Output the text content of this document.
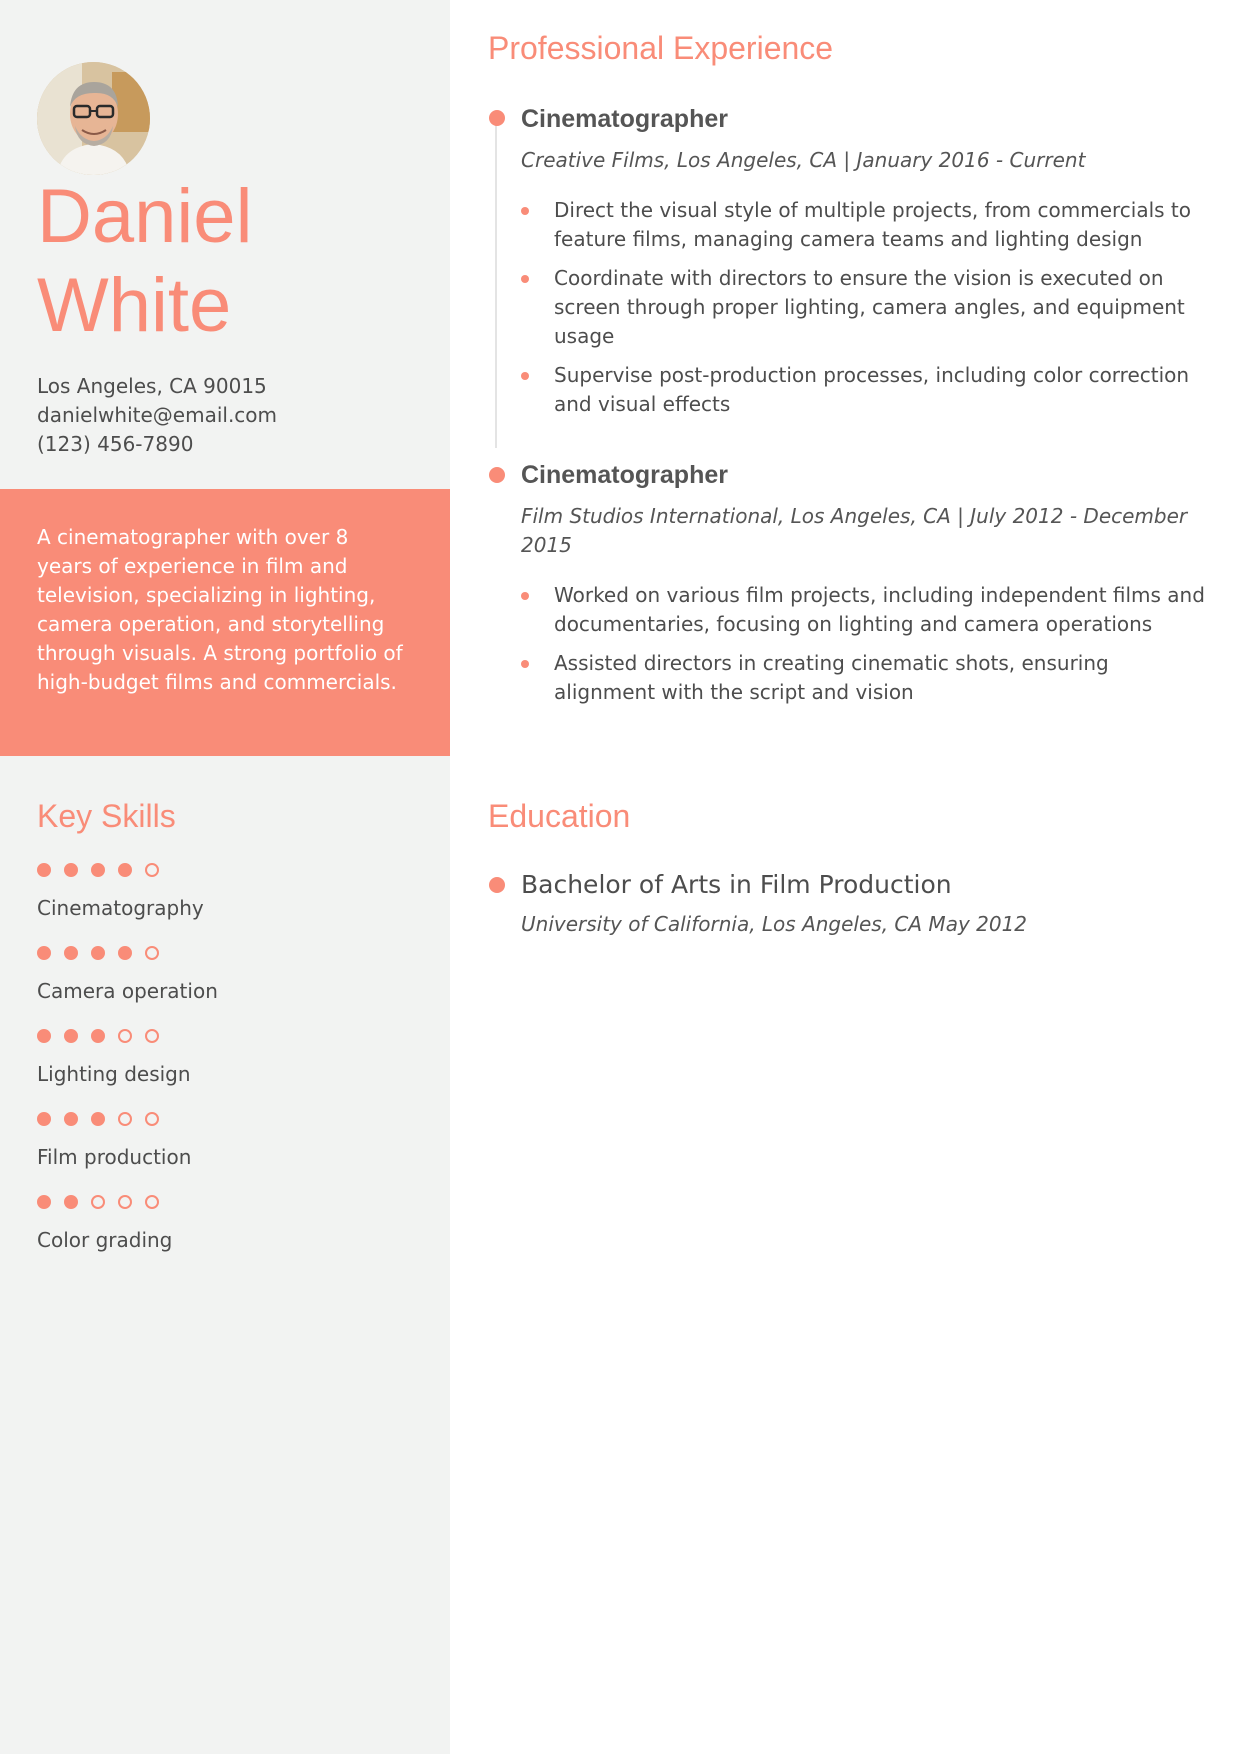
Daniel
White
Los Angeles, CA 90015
danielwhite@email.com
(123) 456-7890
A cinematographer with over 8 years of experience in film and television, specializing in lighting, camera operation, and storytelling through visuals. A strong portfolio of high-budget films and commercials.
Key Skills
Cinematography
Camera operation
Lighting design
Film production
Color grading
Professional Experience
Cinematographer
Creative Films, Los Angeles, CA | January 2016 - Current
Direct the visual style of multiple projects, from commercials to feature films, managing camera teams and lighting design
Coordinate with directors to ensure the vision is executed on screen through proper lighting, camera angles, and equipment usage
Supervise post-production processes, including color correction and visual effects
Cinematographer
Film Studios International, Los Angeles, CA | July 2012 - December 2015
Worked on various film projects, including independent films and documentaries, focusing on lighting and camera operations
Assisted directors in creating cinematic shots, ensuring alignment with the script and vision
Education
Bachelor of Arts in Film Production
University of California, Los Angeles, CA May 2012
